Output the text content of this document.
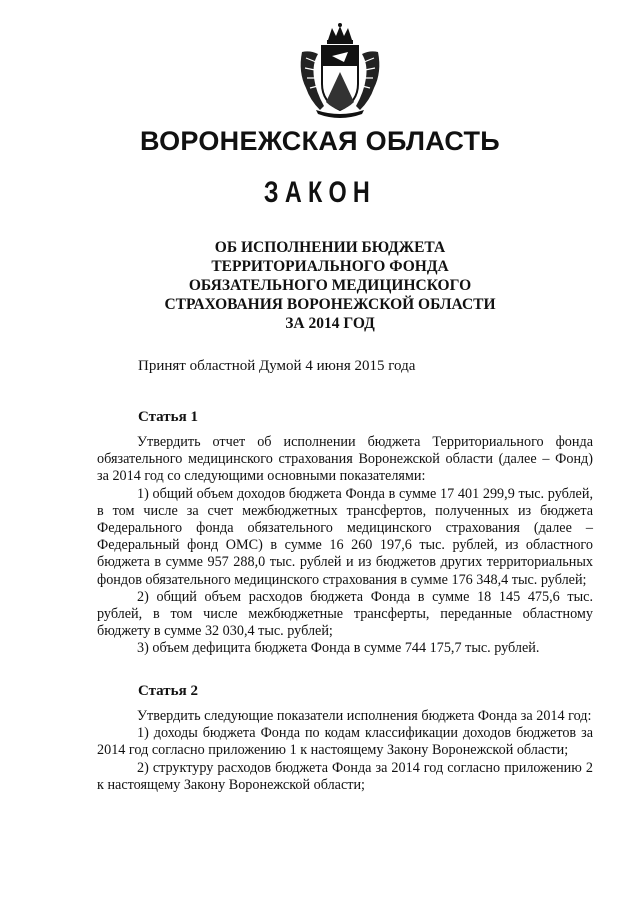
ВОРОНЕЖСКАЯ ОБЛАСТЬ
ЗАКОН
ОБ ИСПОЛНЕНИИ БЮДЖЕТА
ТЕРРИТОРИАЛЬНОГО ФОНДА
ОБЯЗАТЕЛЬНОГО МЕДИЦИНСКОГО
СТРАХОВАНИЯ ВОРОНЕЖСКОЙ ОБЛАСТИ
ЗА 2014 ГОД
Принят областной Думой 4 июня 2015 года
Статья 1

Утвердить отчет об исполнении бюджета Территориального фонда обязательного медицинского страхования Воронежской области (далее – Фонд) за 2014 год со следующими основными показателями:

1) общий объем доходов бюджета Фонда в сумме 17 401 299,9 тыс. рублей, в том числе за счет межбюджетных трансфертов, полученных из бюджета Федерального фонда обязательного медицинского страхования (далее – Федеральный фонд ОМС) в сумме 16 260 197,6 тыс. рублей, из областного бюджета в сумме 957 288,0 тыс. рублей и из бюджетов других территориальных фондов обязательного медицинского страхования в сумме 176 348,4 тыс. рублей;

2) общий объем расходов бюджета Фонда в сумме 18 145 475,6 тыс. рублей, в том числе межбюджетные трансферты, переданные областному бюджету в сумме 32 030,4 тыс. рублей;

3) объем дефицита бюджета Фонда в сумме 744 175,7 тыс. рублей.

Статья 2

Утвердить следующие показатели исполнения бюджета Фонда за 2014 год:

1) доходы бюджета Фонда по кодам классификации доходов бюджетов за 2014 год согласно приложению 1 к настоящему Закону Воронежской области;

2) структуру расходов бюджета Фонда за 2014 год согласно приложению 2 к настоящему Закону Воронежской области;
